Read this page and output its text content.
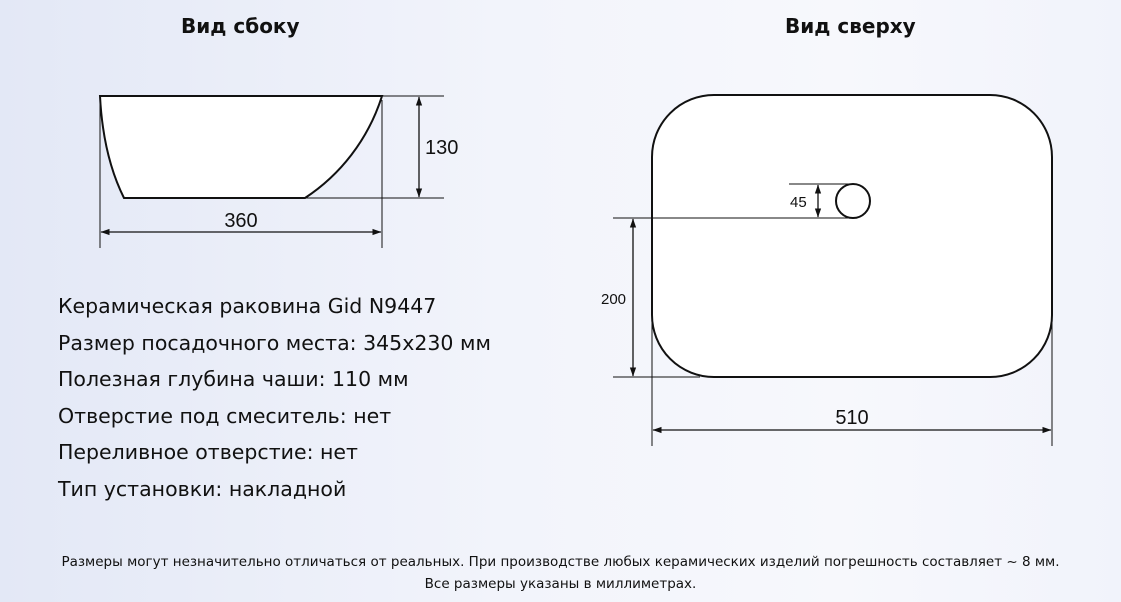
Вид сбоку	Вид сверху
130
360
45
200
510
Керамическая раковина Gid N9447
Размер посадочного места: 345x230 мм
Полезная глубина чаши: 110 мм
Отверстие под смеситель: нет
Переливное отверстие: нет
Тип установки: накладной
Размеры могут незначительно отличаться от реальных. При производстве любых керамических изделий погрешность составляет ~ 8 мм.
Все размеры указаны в миллиметрах.
